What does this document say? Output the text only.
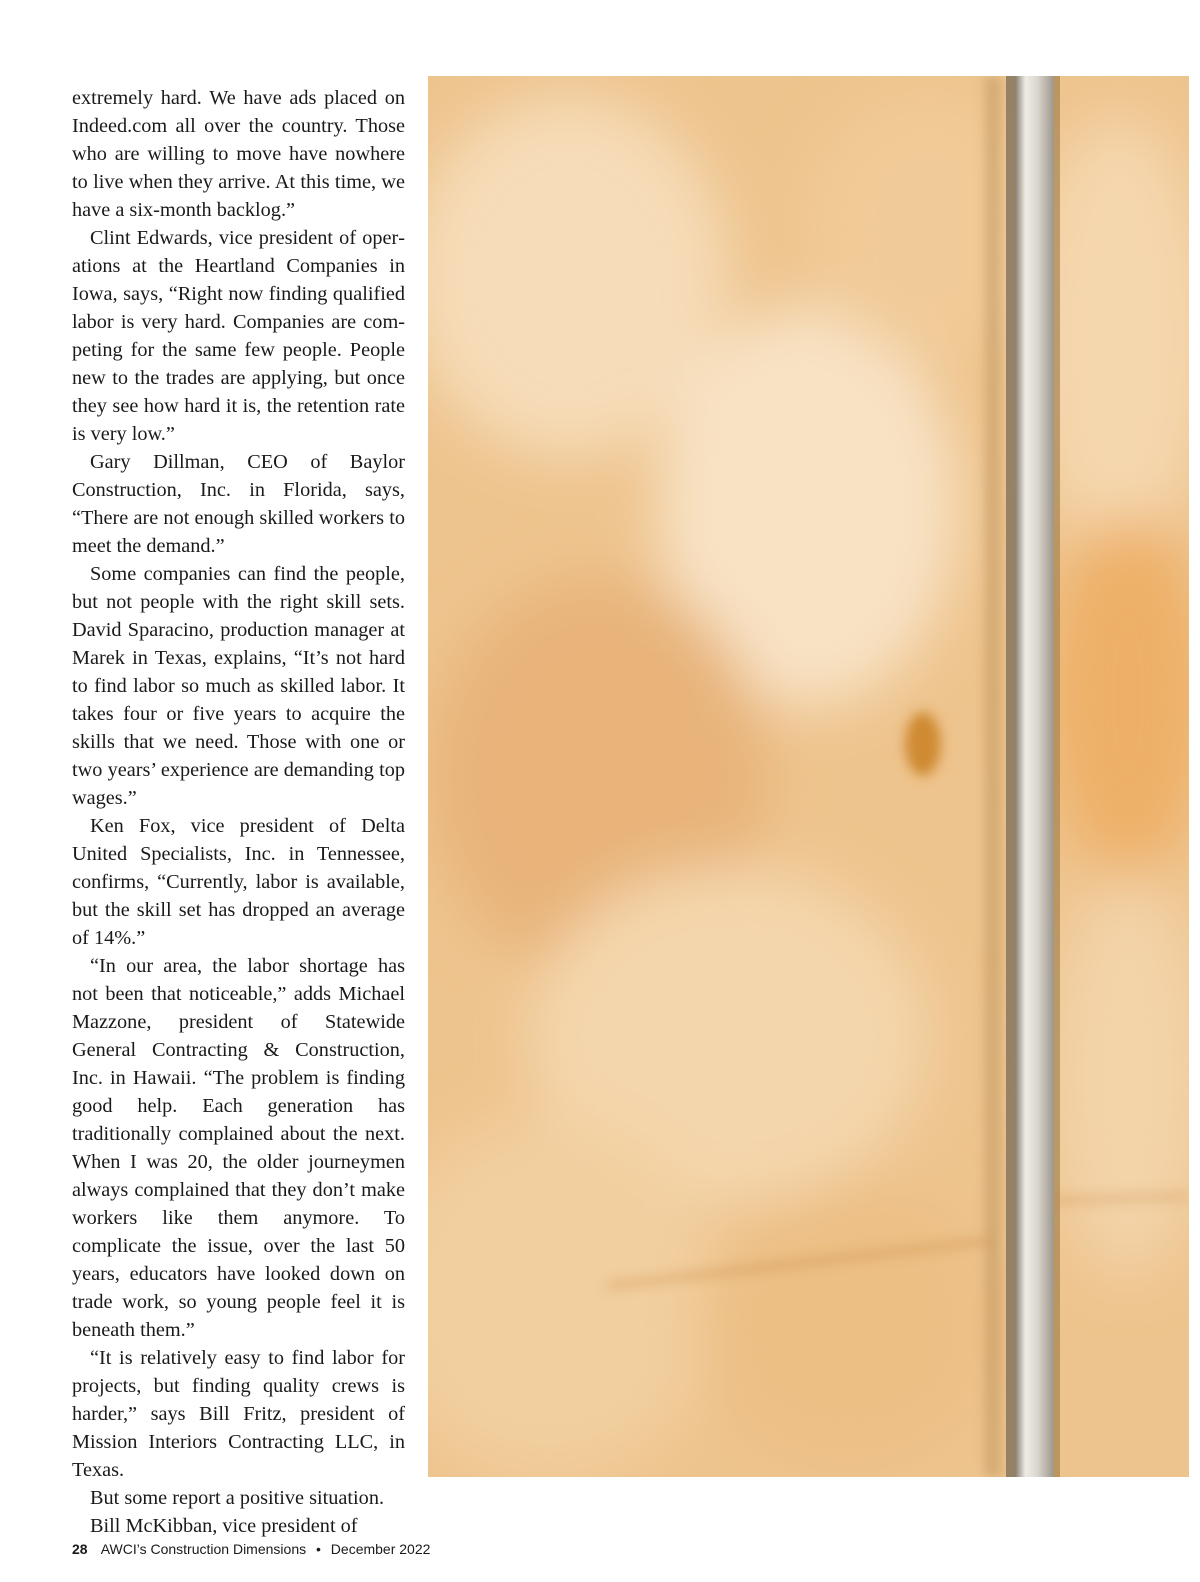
extremely hard. We have ads placed on Indeed.com all over the country. Those who are willing to move have nowhere to live when they arrive. At this time, we have a six-month backlog.”

Clint Edwards, vice president of operations at the Heartland Companies in Iowa, says, “Right now finding qualified labor is very hard. Companies are competing for the same few people. People new to the trades are applying, but once they see how hard it is, the retention rate is very low.”

Gary Dillman, CEO of Baylor Construction, Inc. in Florida, says, “There are not enough skilled workers to meet the demand.”

Some companies can find the people, but not people with the right skill sets. David Sparacino, production manager at Marek in Texas, explains, “It’s not hard to find labor so much as skilled labor. It takes four or five years to acquire the skills that we need. Those with one or two years’ experience are demanding top wages.”

Ken Fox, vice president of Delta United Specialists, Inc. in Tennessee, confirms, “Currently, labor is available, but the skill set has dropped an average of 14%.”

“In our area, the labor shortage has not been that noticeable,” adds Michael Mazzone, president of Statewide General Contracting & Construction, Inc. in Hawaii. “The problem is finding good help. Each generation has traditionally complained about the next. When I was 20, the older journeymen always complained that they don’t make workers like them anymore. To complicate the issue, over the last 50 years, educators have looked down on trade work, so young people feel it is beneath them.”

“It is relatively easy to find labor for projects, but finding quality crews is harder,” says Bill Fritz, president of Mission Interiors Contracting LLC, in Texas.

But some report a positive situation.

Bill McKibban, vice president of

28 AWCI’s Construction Dimensions • December 2022
